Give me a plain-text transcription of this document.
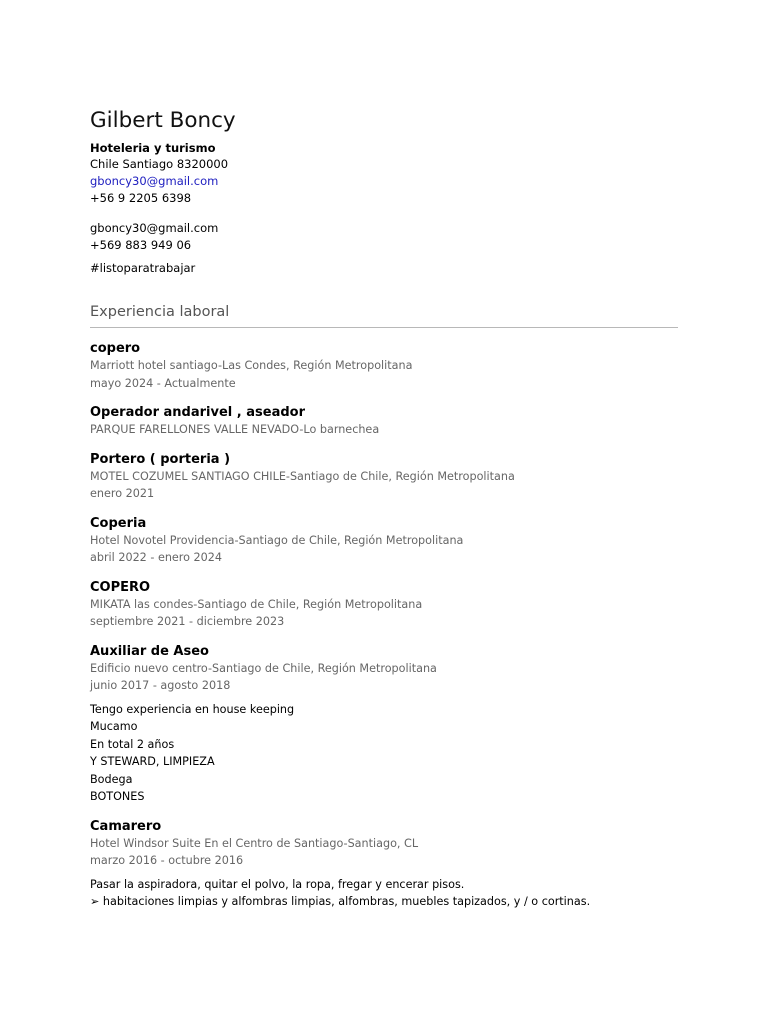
Gilbert Boncy
Hoteleria y turismo
Chile Santiago 8320000
gboncy30@gmail.com
+56 9 2205 6398
gboncy30@gmail.com
+569 883 949 06
#listoparatrabajar
Experiencia laboral
copero
Marriott hotel santiago-Las Condes, Región Metropolitana
mayo 2024 - Actualmente
Operador andarivel , aseador
PARQUE FARELLONES VALLE NEVADO-Lo barnechea
Portero ( porteria )
MOTEL COZUMEL SANTIAGO CHILE-Santiago de Chile, Región Metropolitana
enero 2021
Coperia
Hotel Novotel Providencia-Santiago de Chile, Región Metropolitana
abril 2022 - enero 2024
COPERO
MIKATA las condes-Santiago de Chile, Región Metropolitana
septiembre 2021 - diciembre 2023
Auxiliar de Aseo
Edificio nuevo centro-Santiago de Chile, Región Metropolitana
junio 2017 - agosto 2018
Tengo experiencia en house keeping
Mucamo
En total 2 años
Y STEWARD, LIMPIEZA
Bodega
BOTONES
Camarero
Hotel Windsor Suite En el Centro de Santiago-Santiago, CL
marzo 2016 - octubre 2016
Pasar la aspiradora, quitar el polvo, la ropa, fregar y encerar pisos.
➢ habitaciones limpias y alfombras limpias, alfombras, muebles tapizados, y / o cortinas.
